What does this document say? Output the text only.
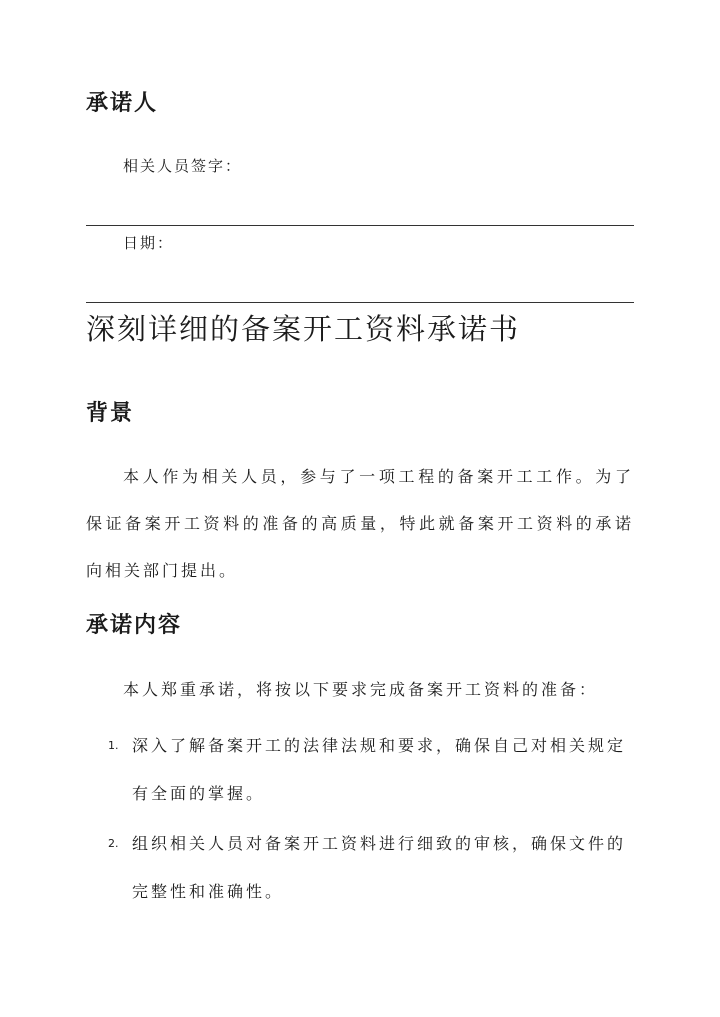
承诺人
相关人员签字：
日期：
深刻详细的备案开工资料承诺书
背景

本人作为相关人员，参与了一项工程的备案开工工作。为了保证备案开工资料的准备的高质量，特此就备案开工资料的承诺向相关部门提出。

承诺内容

本人郑重承诺，将按以下要求完成备案开工资料的准备：

1. 深入了解备案开工的法律法规和要求，确保自己对相关规定有全面的掌握。

2. 组织相关人员对备案开工资料进行细致的审核，确保文件的完整性和准确性。
